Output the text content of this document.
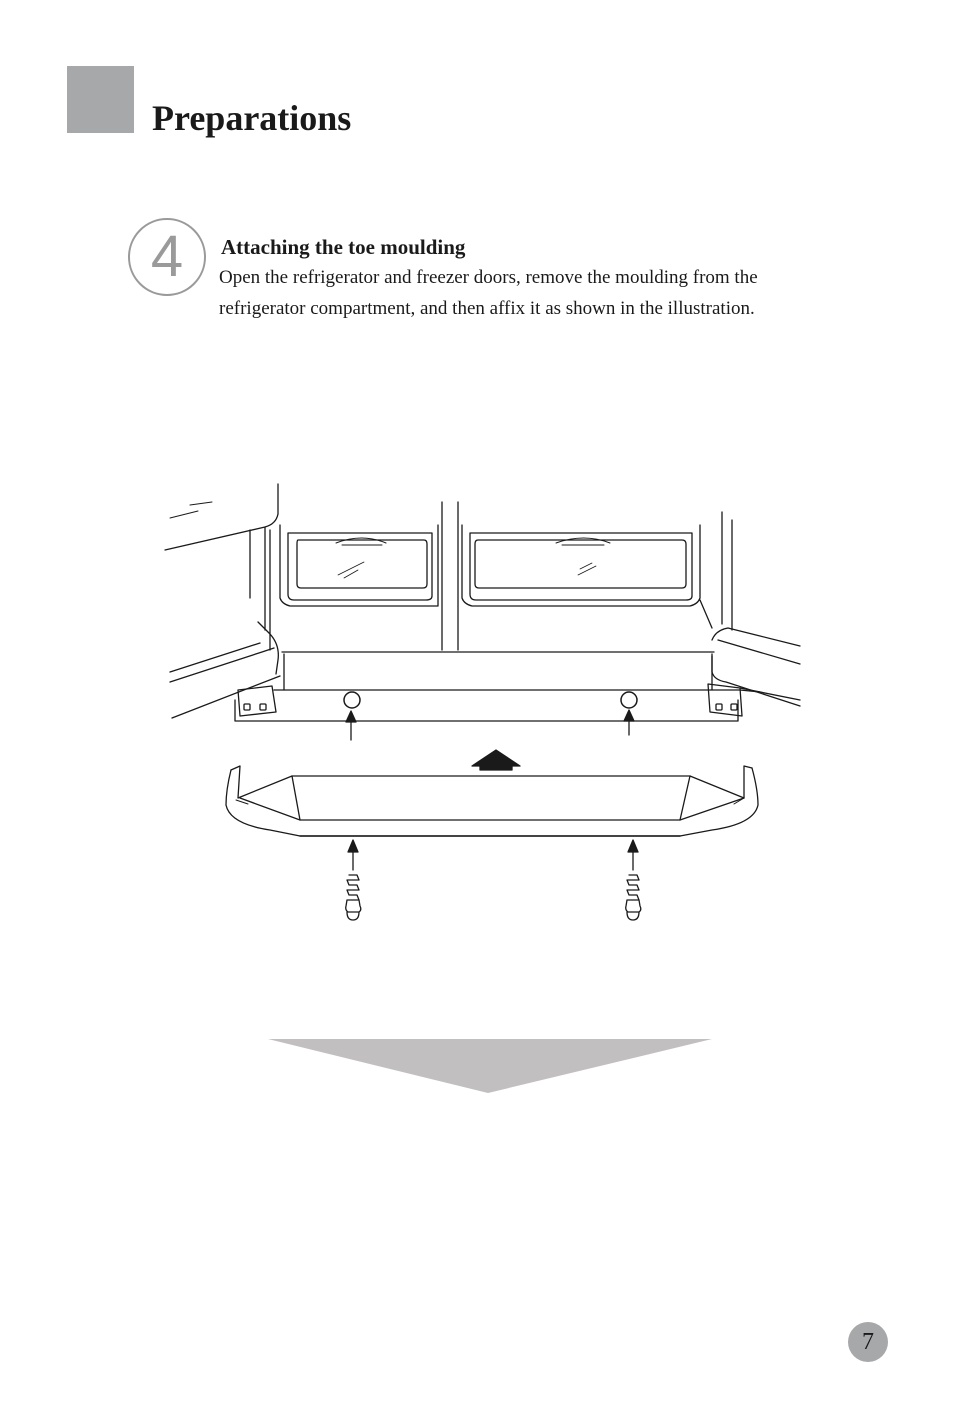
Preparations
4	Attaching the toe moulding

Open the refrigerator and freezer doors, remove the moulding from the refrigerator compartment, and then affix it as shown in the illustration.

7
